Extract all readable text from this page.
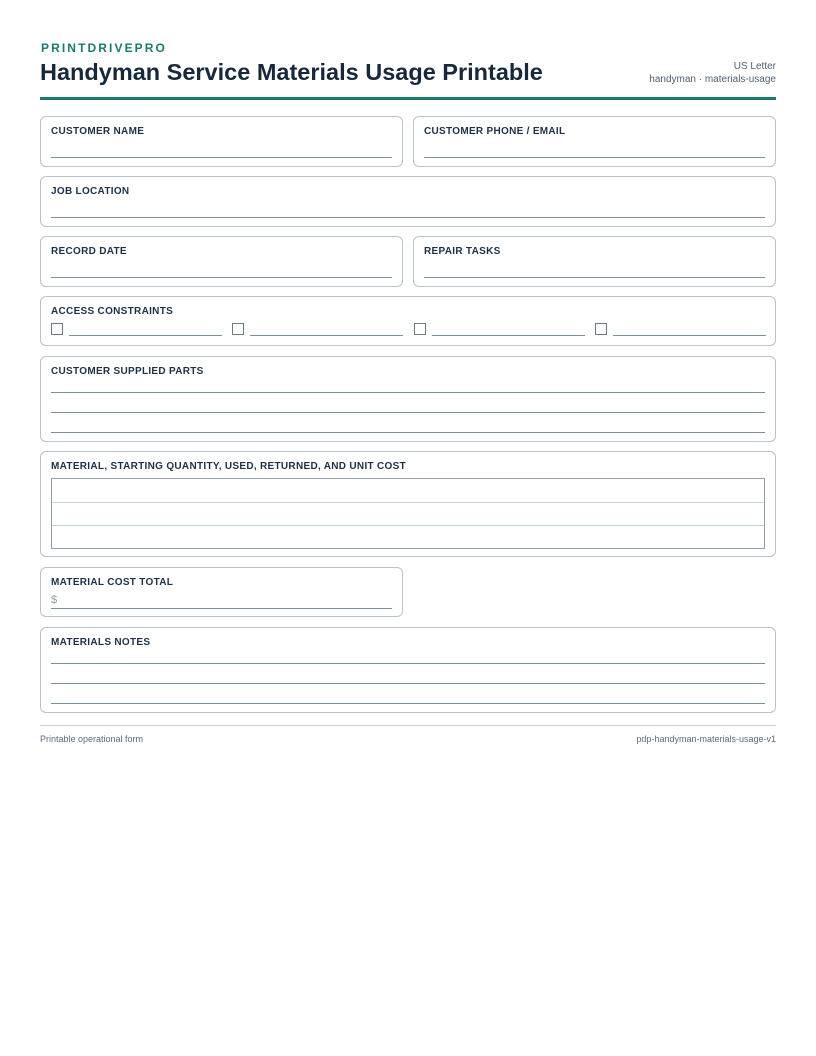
PRINTDRIVEPRO
Handyman Service Materials Usage Printable	US Letter
handyman · materials-usage
CUSTOMER NAME	CUSTOMER PHONE / EMAIL
JOB LOCATION
RECORD DATE	REPAIR TASKS
ACCESS CONSTRAINTS
CUSTOMER SUPPLIED PARTS
MATERIAL, STARTING QUANTITY, USED, RETURNED, AND UNIT COST
MATERIAL COST TOTAL
$
MATERIALS NOTES
Printable operational form	pdp-handyman-materials-usage-v1
